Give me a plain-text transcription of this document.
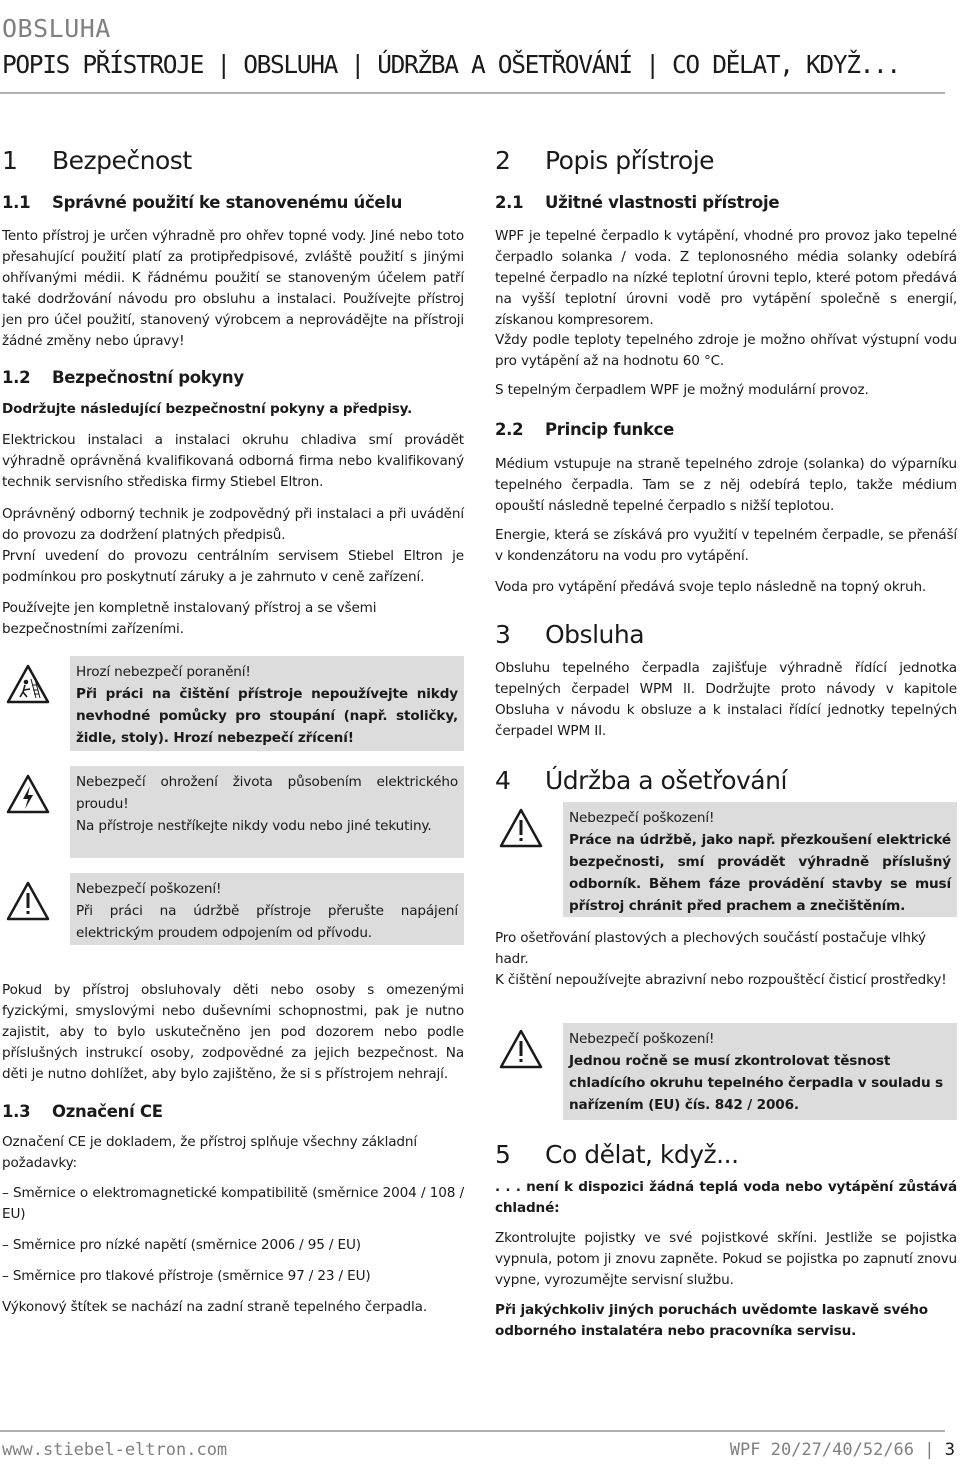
OBSLUHA
POPIS PŘÍSTROJE | OBSLUHA | ÚDRŽBA A OŠETŘOVÁNÍ | CO DĚLAT, KDYŽ...
1 Bezpečnost
1.1 Správné použití ke stanovenému účelu

Tento přístroj je určen výhradně pro ohřev topné vody. Jiné nebo toto přesahující použití platí za protipředpisové, zvláště použití s jinými ohřívanými médii. K řádnému použití se stanoveným účelem patří také dodržování návodu pro obsluhu a instalaci. Používejte přístroj jen pro účel použití, stanovený výrobcem a neprovádějte na přístroji žádné změny nebo úpravy!

1.2 Bezpečnostní pokyny

Dodržujte následující bezpečnostní pokyny a předpisy.

Elektrickou instalaci a instalaci okruhu chladiva smí provádět výhradně oprávněná kvalifikovaná odborná firma nebo kvalifikovaný technik servisního střediska firmy Stiebel Eltron.

Oprávněný odborný technik je zodpovědný při instalaci a při uvádění do provozu za dodržení platných předpisů.

První uvedení do provozu centrálním servisem Stiebel Eltron je podmínkou pro poskytnutí záruky a je zahrnuto v ceně zařízení.

Používejte jen kompletně instalovaný přístroj a se všemi bezpečnostními zařízeními.

Hrozí nebezpečí poranění!
Při práci na čištění přístroje nepoužívejte nikdy nevhodné pomůcky pro stoupání (např. stoličky, židle, stoly). Hrozí nebezpečí zřícení!
Nebezpečí ohrožení života působením elektrického proudu!
Na přístroje nestříkejte nikdy vodu nebo jiné tekutiny.
Nebezpečí poškození!
Při práci na údržbě přístroje přerušte napájení elektrickým proudem odpojením od přívodu.

Pokud by přístroj obsluhovaly děti nebo osoby s omezenými fyzickými, smyslovými nebo duševními schopnostmi, pak je nutno zajistit, aby to bylo uskutečněno jen pod dozorem nebo podle příslušných instrukcí osoby, zodpovědné za jejich bezpečnost. Na děti je nutno dohlížet, aby bylo zajištěno, že si s přístrojem nehrají.

1.3 Označení CE

Označení CE je dokladem, že přístroj splňuje všechny základní požadavky:

– Směrnice o elektromagnetické kompatibilitě (směrnice 2004 / 108 / EU)
– Směrnice pro nízké napětí (směrnice 2006 / 95 / EU)
– Směrnice pro tlakové přístroje (směrnice 97 / 23 / EU)

Výkonový štítek se nachází na zadní straně tepelného čerpadla.

2 Popis přístroje
2.1 Užitné vlastnosti přístroje

WPF je tepelné čerpadlo k vytápění, vhodné pro provoz jako tepelné čerpadlo solanka / voda. Z teplonosného média solanky odebírá tepelné čerpadlo na nízké teplotní úrovni teplo, které potom předává na vyšší teplotní úrovni vodě pro vytápění společně s energií, získanou kompresorem.

Vždy podle teploty tepelného zdroje je možno ohřívat výstupní vodu pro vytápění až na hodnotu 60 °C.

S tepelným čerpadlem WPF je možný modulární provoz.

2.2 Princip funkce

Médium vstupuje na straně tepelného zdroje (solanka) do výparníku tepelného čerpadla. Tam se z něj odebírá teplo, takže médium opouští následně tepelné čerpadlo s nižší teplotou.

Energie, která se získává pro využití v tepelném čerpadle, se přenáší v kondenzátoru na vodu pro vytápění.

Voda pro vytápění předává svoje teplo následně na topný okruh.

3 Obsluha

Obsluhu tepelného čerpadla zajišťuje výhradně řídící jednotka tepelných čerpadel WPM II. Dodržujte proto návody v kapitole Obsluha v návodu k obsluze a k instalaci řídící jednotky tepelných čerpadel WPM II.

4 Údržba a ošetřování
Nebezpečí poškození!
Práce na údržbě, jako např. přezkoušení elektrické bezpečnosti, smí provádět výhradně příslušný odborník. Během fáze provádění stavby se musí přístroj chránit před prachem a znečištěním.

Pro ošetřování plastových a plechových součástí postačuje vlhký hadr.

K čištění nepoužívejte abrazivní nebo rozpouštěcí čisticí prostředky!

Nebezpečí poškození!
Jednou ročně se musí zkontrolovat těsnost chladícího okruhu tepelného čerpadla v souladu s nařízením (EU) čís. 842 / 2006.
5 Co dělat, když...

. . . není k dispozici žádná teplá voda nebo vytápění zůstává chladné:

Zkontrolujte pojistky ve své pojistkové skříni. Jestliže se pojistka vypnula, potom ji znovu zapněte. Pokud se pojistka po zapnutí znovu vypne, vyrozumějte servisní službu.

Při jakýchkoliv jiných poruchách uvědomte laskavě svého odborného instalatéra nebo pracovníka servisu.

www.stiebel-eltron.com	WPF 20/27/40/52/66 | 3
